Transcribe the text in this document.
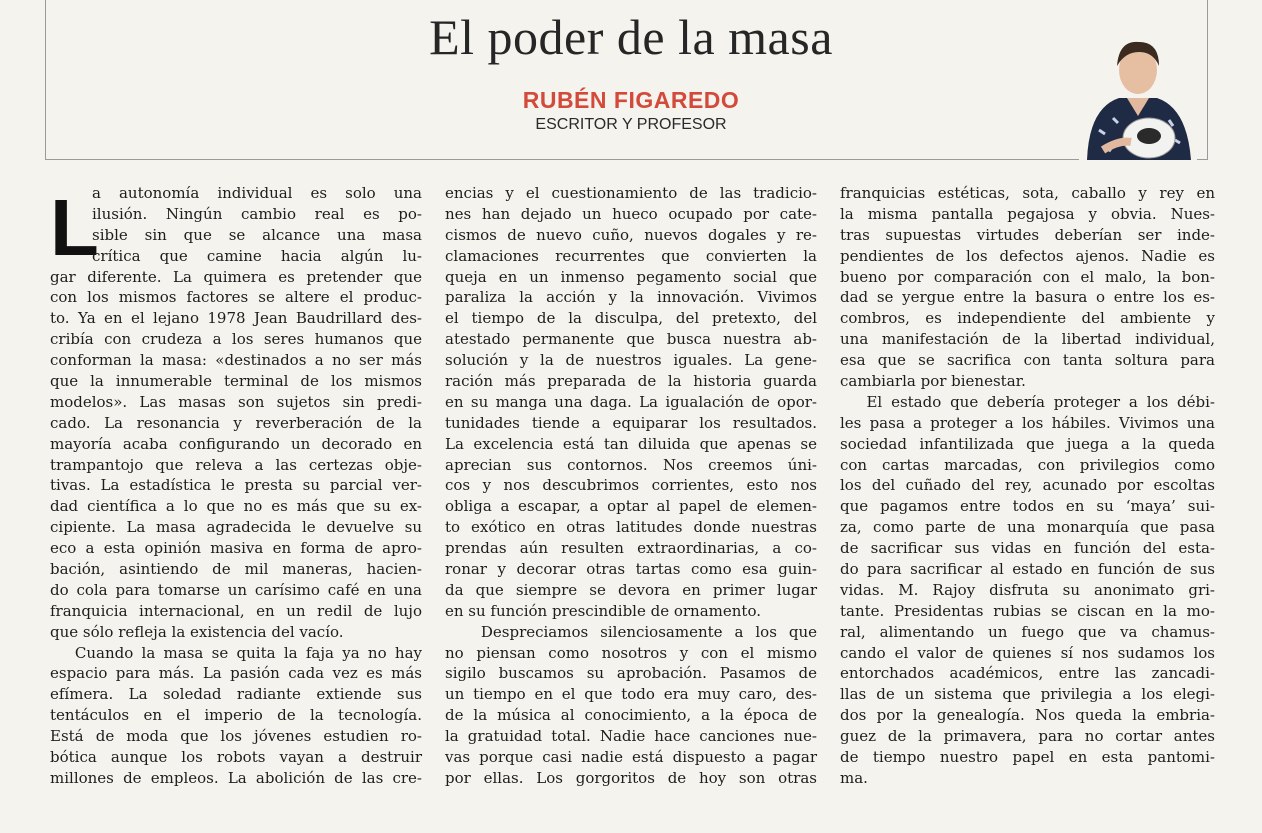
El poder de la masa
RUBÉN FIGAREDO
ESCRITOR Y PROFESOR
L
a autonomía individual es solo una
ilusión. Ningún cambio real es po-
sible sin que se alcance una masa
crítica que camine hacia algún lu-
gar diferente. La quimera es pretender que
con los mismos factores se altere el produc-
to. Ya en el lejano 1978 Jean Baudrillard des-
cribía con crudeza a los seres humanos que
conforman la masa: «destinados a no ser más
que la innumerable terminal de los mismos
modelos». Las masas son sujetos sin predi-
cado. La resonancia y reverberación de la
mayoría acaba configurando un decorado en
trampantojo que releva a las certezas obje-
tivas. La estadística le presta su parcial ver-
dad científica a lo que no es más que su ex-
cipiente. La masa agradecida le devuelve su
eco a esta opinión masiva en forma de apro-
bación, asintiendo de mil maneras, hacien-
do cola para tomarse un carísimo café en una
franquicia internacional, en un redil de lujo
que sólo refleja la existencia del vacío.
Cuando la masa se quita la faja ya no hay
espacio para más. La pasión cada vez es más
efímera. La soledad radiante extiende sus
tentáculos en el imperio de la tecnología.
Está de moda que los jóvenes estudien ro-
bótica aunque los robots vayan a destruir
millones de empleos. La abolición de las cre-
encias y el cuestionamiento de las tradicio-
nes han dejado un hueco ocupado por cate-
cismos de nuevo cuño, nuevos dogales y re-
clamaciones recurrentes que convierten la
queja en un inmenso pegamento social que
paraliza la acción y la innovación. Vivimos
el tiempo de la disculpa, del pretexto, del
atestado permanente que busca nuestra ab-
solución y la de nuestros iguales. La gene-
ración más preparada de la historia guarda
en su manga una daga. La igualación de opor-
tunidades tiende a equiparar los resultados.
La excelencia está tan diluida que apenas se
aprecian sus contornos. Nos creemos úni-
cos y nos descubrimos corrientes, esto nos
obliga a escapar, a optar al papel de elemen-
to exótico en otras latitudes donde nuestras
prendas aún resulten extraordinarias, a co-
ronar y decorar otras tartas como esa guin-
da que siempre se devora en primer lugar
en su función prescindible de ornamento.
Despreciamos silenciosamente a los que
no piensan como nosotros y con el mismo
sigilo buscamos su aprobación. Pasamos de
un tiempo en el que todo era muy caro, des-
de la música al conocimiento, a la época de
la gratuidad total. Nadie hace canciones nue-
vas porque casi nadie está dispuesto a pagar
por ellas. Los gorgoritos de hoy son otras
franquicias estéticas, sota, caballo y rey en
la misma pantalla pegajosa y obvia. Nues-
tras supuestas virtudes deberían ser inde-
pendientes de los defectos ajenos. Nadie es
bueno por comparación con el malo, la bon-
dad se yergue entre la basura o entre los es-
combros, es independiente del ambiente y
una manifestación de la libertad individual,
esa que se sacrifica con tanta soltura para
cambiarla por bienestar.
El estado que debería proteger a los débi-
les pasa a proteger a los hábiles. Vivimos una
sociedad infantilizada que juega a la queda
con cartas marcadas, con privilegios como
los del cuñado del rey, acunado por escoltas
que pagamos entre todos en su ‘maya’ sui-
za, como parte de una monarquía que pasa
de sacrificar sus vidas en función del esta-
do para sacrificar al estado en función de sus
vidas. M. Rajoy disfruta su anonimato gri-
tante. Presidentas rubias se ciscan en la mo-
ral, alimentando un fuego que va chamus-
cando el valor de quienes sí nos sudamos los
entorchados académicos, entre las zancadi-
llas de un sistema que privilegia a los elegi-
dos por la genealogía. Nos queda la embria-
guez de la primavera, para no cortar antes
de tiempo nuestro papel en esta pantomi-
ma.
